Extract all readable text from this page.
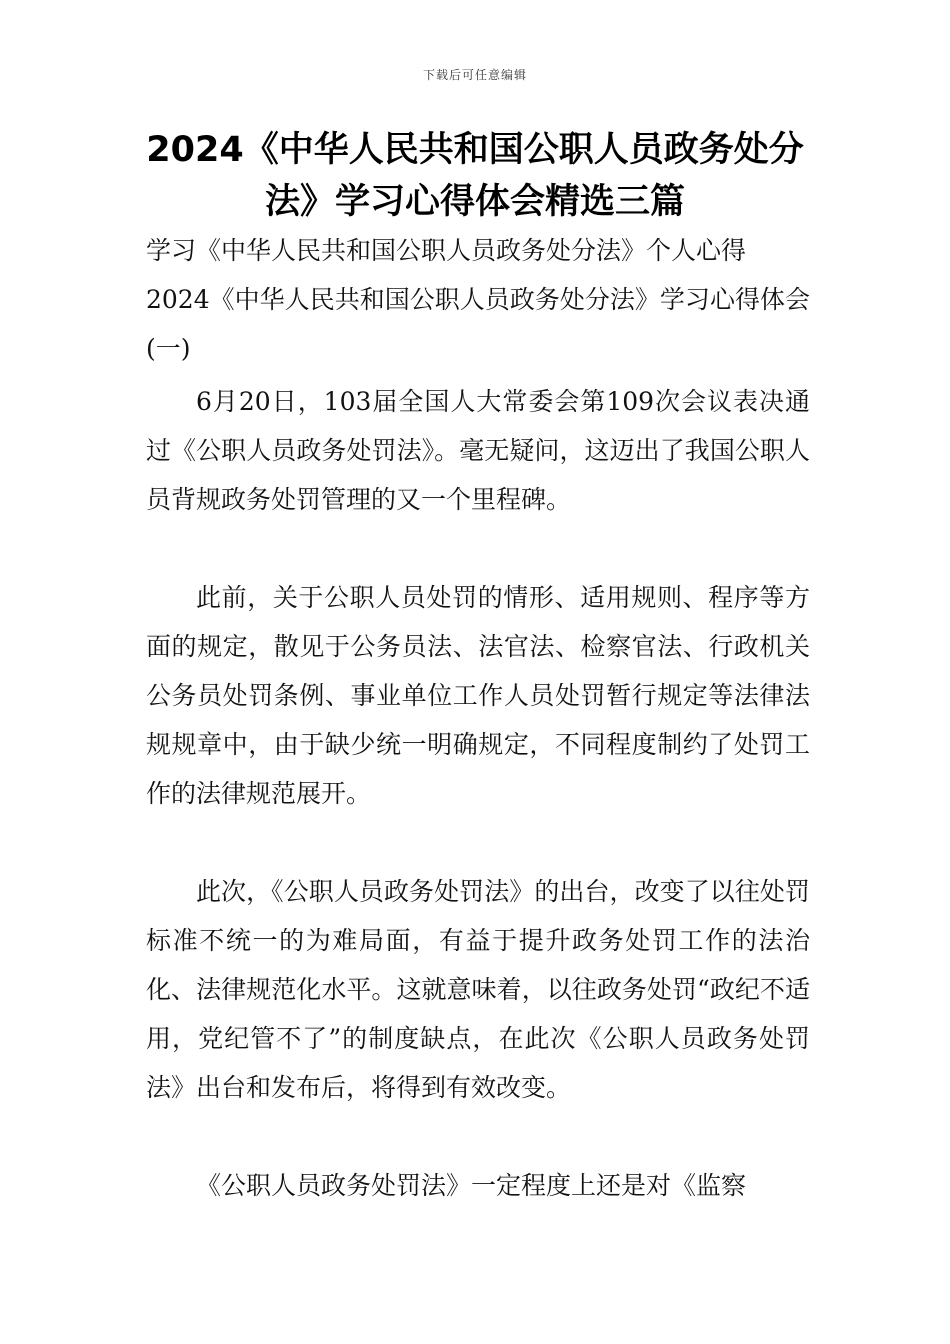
下载后可任意编辑
2024《中华人民共和国公职人员政务处分法》学习心得体会精选三篇

学习《中华人民共和国公职人员政务处分法》个人心得

2024《中华人民共和国公职人员政务处分法》学习心得体会(一)

6月20日，103届全国人大常委会第109次会议表决通过《公职人员政务处罚法》。毫无疑问，这迈出了我国公职人员背规政务处罚管理的又一个里程碑。

此前，关于公职人员处罚的情形、适用规则、程序等方面的规定，散见于公务员法、法官法、检察官法、行政机关公务员处罚条例、事业单位工作人员处罚暂行规定等法律法规规章中，由于缺少统一明确规定，不同程度制约了处罚工作的法律规范展开。

此次，《公职人员政务处罚法》的出台，改变了以往处罚标准不统一的为难局面，有益于提升政务处罚工作的法治化、法律规范化水平。这就意味着，以往政务处罚“政纪不适用，党纪管不了”的制度缺点，在此次《公职人员政务处罚法》出台和发布后，将得到有效改变。

《公职人员政务处罚法》一定程度上还是对《监察
